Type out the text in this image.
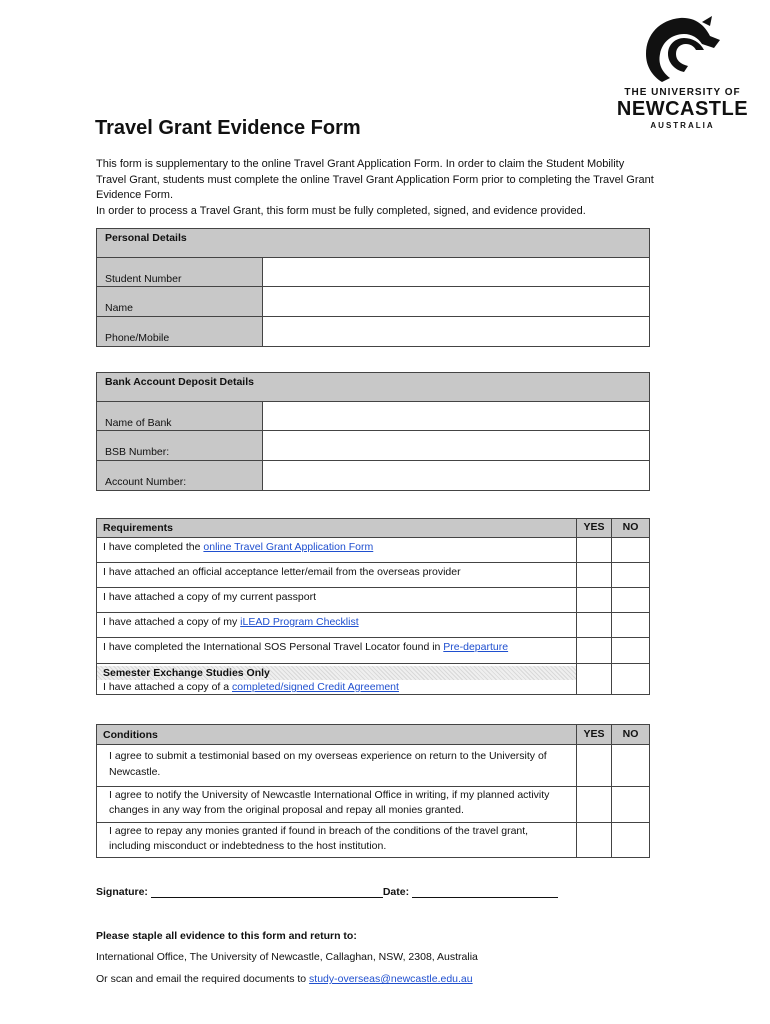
THE UNIVERSITY OF
NEWCASTLE
AUSTRALIA
Travel Grant Evidence Form

This form is supplementary to the online Travel Grant Application Form. In order to claim the Student Mobility Travel Grant, students must complete the online Travel Grant Application Form prior to completing the Travel Grant Evidence Form.

In order to process a Travel Grant, this form must be fully completed, signed, and evidence provided.

Personal Details
Student Number
Name
Phone/Mobile
Bank Account Deposit Details
Name of Bank
BSB Number:
Account Number:
Requirements	YES	NO
I have completed the online Travel Grant Application Form
I have attached an official acceptance letter/email from the overseas provider
I have attached a copy of my current passport
I have attached a copy of my iLEAD Program Checklist
I have completed the International SOS Personal Travel Locator found in Pre-departure
Semester Exchange Studies Only
I have attached a copy of a completed/signed Credit Agreement
Conditions	YES	NO
I agree to submit a testimonial based on my overseas experience on return to the University of Newcastle.
I agree to notify the University of Newcastle International Office in writing, if my planned activity changes in any way from the original proposal and repay all monies granted.
I agree to repay any monies granted if found in breach of the conditions of the travel grant, including misconduct or indebtedness to the host institution.
Signature:	Date:
Please staple all evidence to this form and return to:
International Office, The University of Newcastle, Callaghan, NSW, 2308, Australia
Or scan and email the required documents to study-overseas@newcastle.edu.au
